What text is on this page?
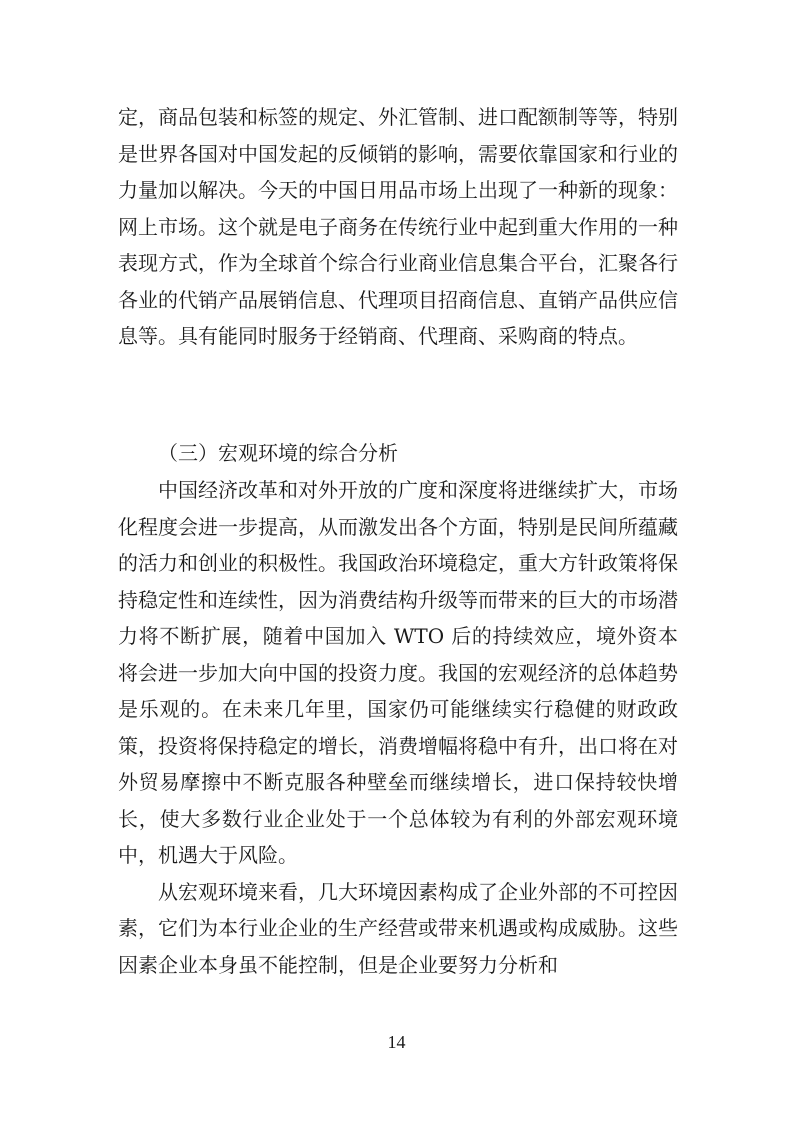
定，商品包装和标签的规定、外汇管制、进口配额制等等，特别是世界各国对中国发起的反倾销的影响，需要依靠国家和行业的力量加以解决。今天的中国日用品市场上出现了一种新的现象：网上市场。这个就是电子商务在传统行业中起到重大作用的一种表现方式，作为全球首个综合行业商业信息集合平台，汇聚各行各业的代销产品展销信息、代理项目招商信息、直销产品供应信息等。具有能同时服务于经销商、代理商、采购商的特点。

（三）宏观环境的综合分析

中国经济改革和对外开放的广度和深度将进继续扩大，市场化程度会进一步提高，从而激发出各个方面，特别是民间所蕴藏的活力和创业的积极性。我国政治环境稳定，重大方针政策将保持稳定性和连续性，因为消费结构升级等而带来的巨大的市场潜力将不断扩展，随着中国加入 WTO 后的持续效应，境外资本将会进一步加大向中国的投资力度。我国的宏观经济的总体趋势是乐观的。在未来几年里，国家仍可能继续实行稳健的财政政策，投资将保持稳定的增长，消费增幅将稳中有升，出口将在对外贸易摩擦中不断克服各种壁垒而继续增长，进口保持较快增长，使大多数行业企业处于一个总体较为有利的外部宏观环境中，机遇大于风险。

从宏观环境来看，几大环境因素构成了企业外部的不可控因素，它们为本行业企业的生产经营或带来机遇或构成威胁。这些因素企业本身虽不能控制，但是企业要努力分析和

14
